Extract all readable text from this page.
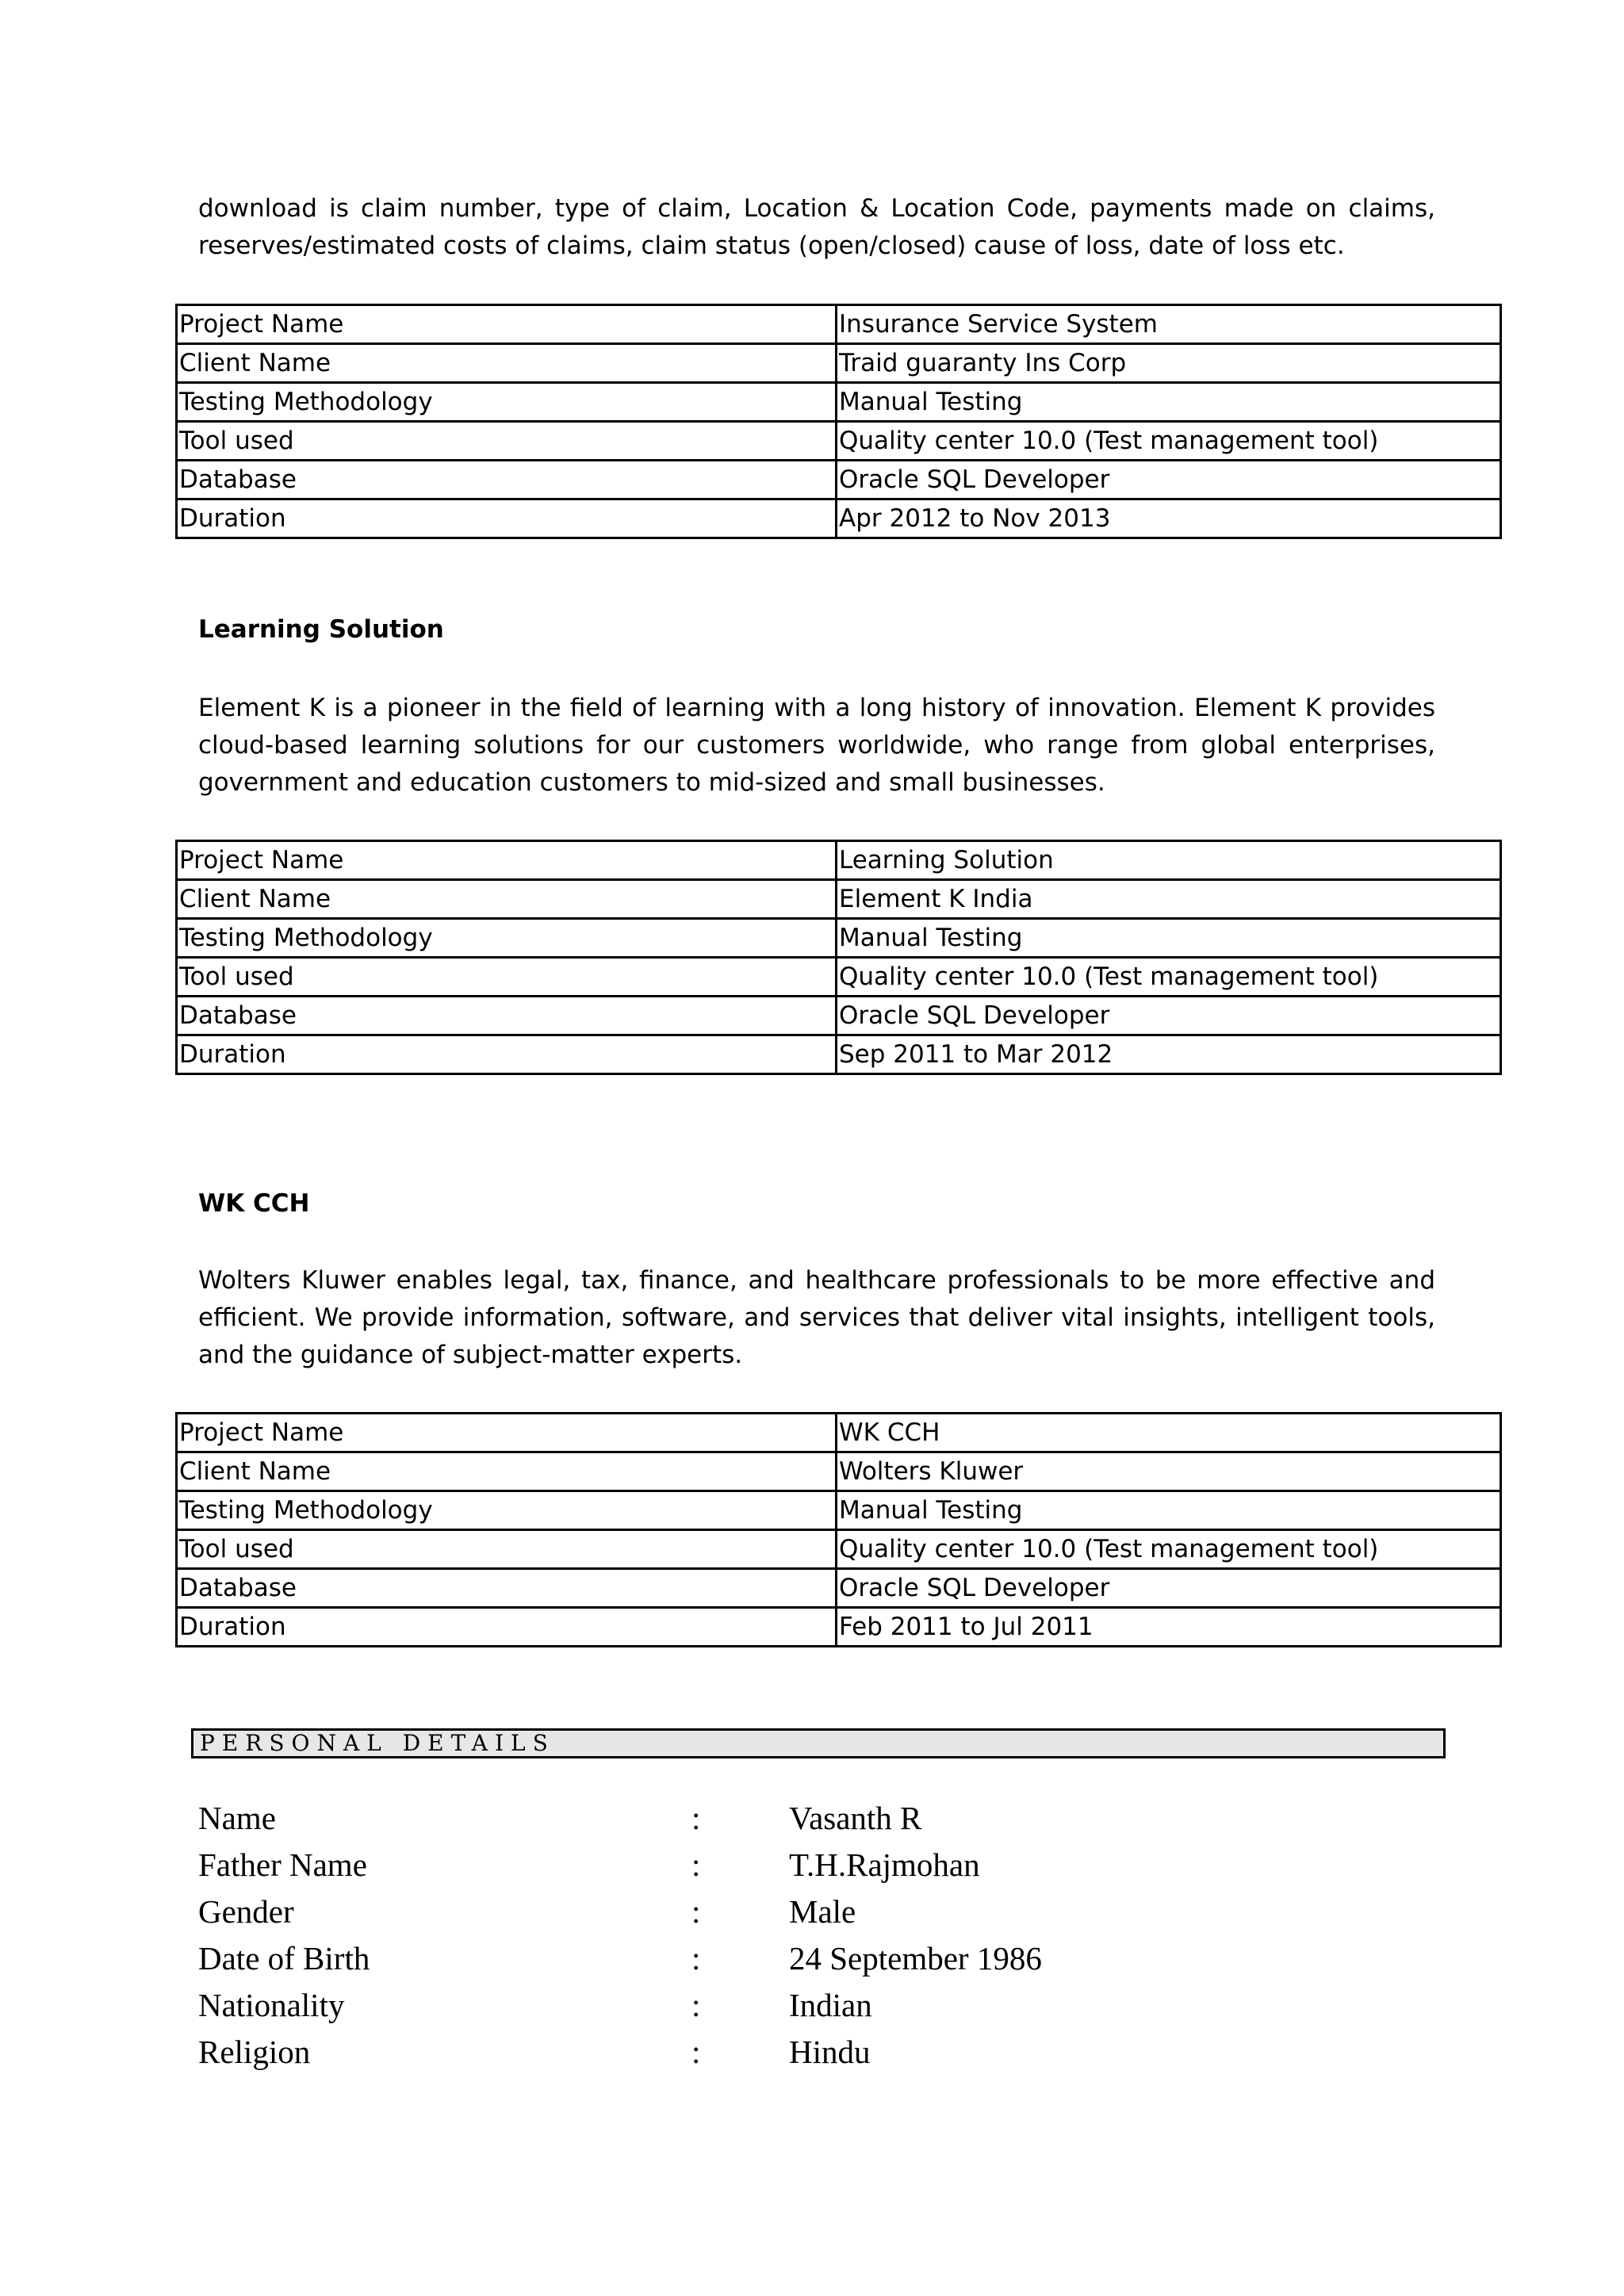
download is claim number, type of claim, Location & Location Code, payments made on claims, reserves/estimated costs of claims, claim status (open/closed) cause of loss, date of loss etc.

Project Name	Insurance Service System
Client Name	Traid guaranty Ins Corp
Testing Methodology	Manual Testing
Tool used	Quality center 10.0 (Test management tool)
Database	Oracle SQL Developer
Duration	Apr 2012 to Nov 2013
Learning Solution

Element K is a pioneer in the field of learning with a long history of innovation. Element K provides cloud-based learning solutions for our customers worldwide, who range from global enterprises, government and education customers to mid-sized and small businesses.

Project Name	Learning Solution
Client Name	Element K India
Testing Methodology	Manual Testing
Tool used	Quality center 10.0 (Test management tool)
Database	Oracle SQL Developer
Duration	Sep 2011 to Mar 2012
WK CCH

Wolters Kluwer enables legal, tax, finance, and healthcare professionals to be more effective and efficient. We provide information, software, and services that deliver vital insights, intelligent tools, and the guidance of subject-matter experts.

Project Name	WK CCH
Client Name	Wolters Kluwer
Testing Methodology	Manual Testing
Tool used	Quality center 10.0 (Test management tool)
Database	Oracle SQL Developer
Duration	Feb 2011 to Jul 2011
PERSONAL DETAILS
Name	:	Vasanth R
Father Name	:	T.H.Rajmohan
Gender	:	Male
Date of Birth	:	24 September 1986
Nationality	:	Indian
Religion	:	Hindu
